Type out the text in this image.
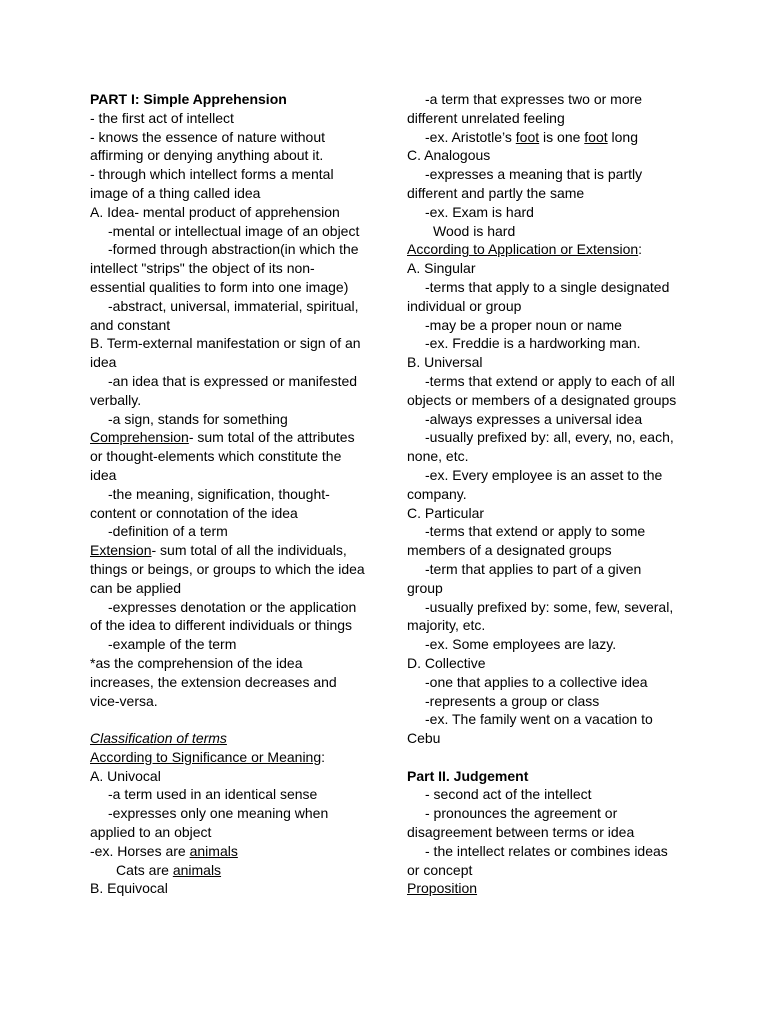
PART I: Simple Apprehension
- the first act of intellect
- knows the essence of nature without
affirming or denying anything about it.
- through which intellect forms a mental
image of a thing called idea
A. Idea- mental product of apprehension
-mental or intellectual image of an object
-formed through abstraction(in which the
intellect "strips" the object of its non-
essential qualities to form into one image)
-abstract, universal, immaterial, spiritual,
and constant
B. Term-external manifestation or sign of an
idea
-an idea that is expressed or manifested
verbally.
-a sign, stands for something
Comprehension- sum total of the attributes
or thought-elements which constitute the
idea
-the meaning, signification, thought-
content or connotation of the idea
-definition of a term
Extension- sum total of all the individuals,
things or beings, or groups to which the idea
can be applied
-expresses denotation or the application
of the idea to different individuals or things
-example of the term
*as the comprehension of the idea
increases, the extension decreases and
vice-versa.
Classification of terms
According to Significance or Meaning:
A. Univocal
-a term used in an identical sense
-expresses only one meaning when
applied to an object
-ex. Horses are animals
Cats are animals
B. Equivocal
-a term that expresses two or more
different unrelated feeling
-ex. Aristotle’s foot is one foot long
C. Analogous
-expresses a meaning that is partly
different and partly the same
-ex. Exam is hard
Wood is hard
According to Application or Extension:
A. Singular
-terms that apply to a single designated
individual or group
-may be a proper noun or name
-ex. Freddie is a hardworking man.
B. Universal
-terms that extend or apply to each of all
objects or members of a designated groups
-always expresses a universal idea
-usually prefixed by: all, every, no, each,
none, etc.
-ex. Every employee is an asset to the
company.
C. Particular
-terms that extend or apply to some
members of a designated groups
-term that applies to part of a given
group
-usually prefixed by: some, few, several,
majority, etc.
-ex. Some employees are lazy.
D. Collective
-one that applies to a collective idea
-represents a group or class
-ex. The family went on a vacation to
Cebu
Part II. Judgement
- second act of the intellect
- pronounces the agreement or
disagreement between terms or idea
- the intellect relates or combines ideas
or concept
Proposition
